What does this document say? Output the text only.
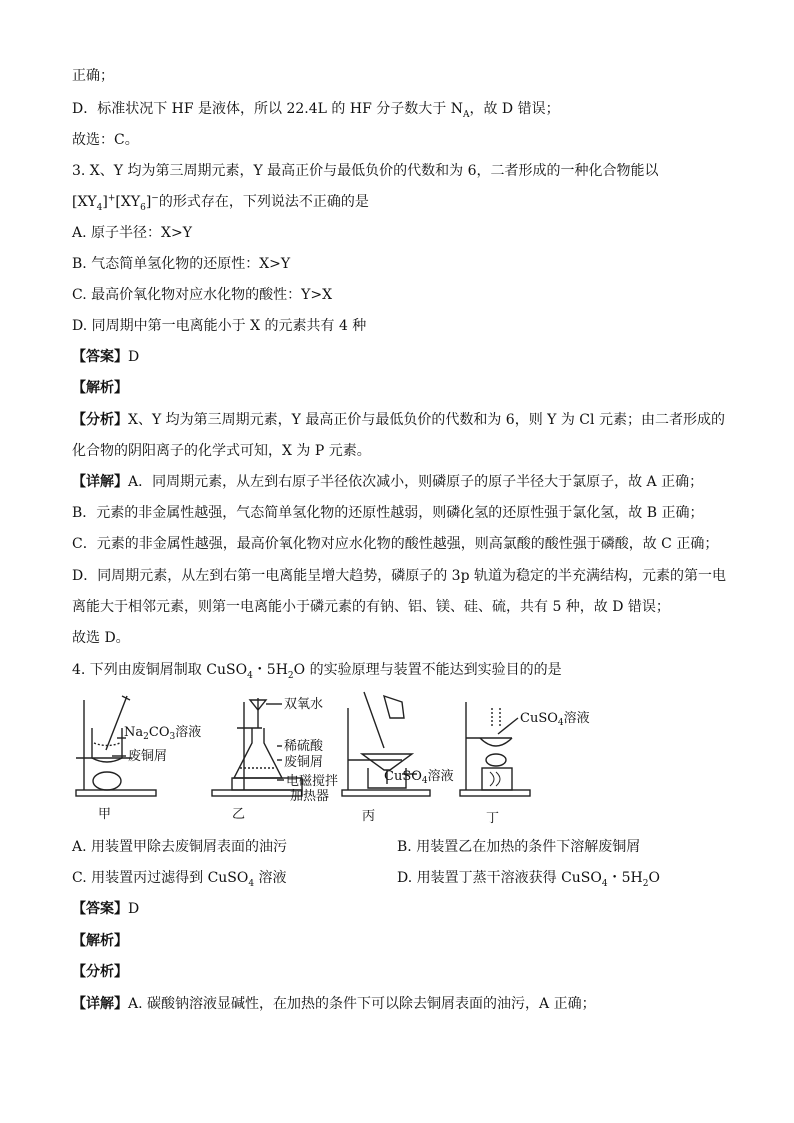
正确；
D．标准状况下 HF 是液体，所以 22.4L 的 HF 分子数大于 $N_A$，故 D 错误；
故选：C。
3. X、Y 均为第三周期元素，Y 最高正价与最低负价的代数和为 6，二者形成的一种化合物能以
$[XY_4]^+[XY_6]^-$的形式存在，下列说法不正确的是
A. 原子半径：X>Y
B. 气态简单氢化物的还原性：X>Y
C. 最高价氧化物对应水化物的酸性：Y>X
D. 同周期中第一电离能小于 X 的元素共有 4 种
【答案】D
【解析】
【分析】X、Y 均为第三周期元素，Y 最高正价与最低负价的代数和为 6，则 Y 为 Cl 元素；由二者形成的
化合物的阴阳离子的化学式可知，X 为 P 元素。
【详解】A．同周期元素，从左到右原子半径依次减小，则磷原子的原子半径大于氯原子，故 A 正确；
B．元素的非金属性越强，气态简单氢化物的还原性越弱，则磷化氢的还原性强于氯化氢，故 B 正确；
C．元素的非金属性越强，最高价氧化物对应水化物的酸性越强，则高氯酸的酸性强于磷酸，故 C 正确；
D．同周期元素，从左到右第一电离能呈增大趋势，磷原子的 3p 轨道为稳定的半充满结构，元素的第一电
离能大于相邻元素，则第一电离能小于磷元素的有钠、铝、镁、硅、硫，共有 5 种，故 D 错误；
故选 D。
4. 下列由废铜屑制取 CuSO$_4$・$5H_2O$ 的实验原理与装置不能达到实验目的的是
$Na_2CO_3$溶液
废铜屑
双氧水
稀硫酸
废铜屑
电磁搅拌
加热器
CuSO$_4$溶液
CuSO$_4$溶液
甲	乙	丙	丁
A. 用装置甲除去废铜屑表面的油污	B. 用装置乙在加热的条件下溶解废铜屑
C. 用装置丙过滤得到 CuSO$_4$ 溶液	D. 用装置丁蒸干溶液获得 CuSO$_4$・$5H_2O$
【答案】D
【解析】
【分析】
【详解】A. 碳酸钠溶液显碱性，在加热的条件下可以除去铜屑表面的油污，A 正确；
